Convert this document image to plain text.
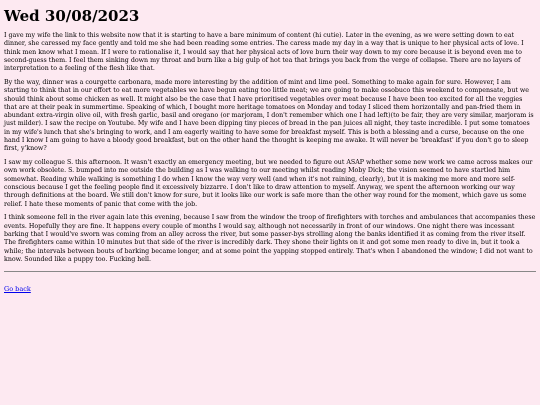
Wed 30/08/2023

I gave my wife the link to this website now that it is starting to have a bare minimum of content (hi cutie). Later in the evening, as we were setting down to eat dinner, she caressed my face gently and told me she had been reading some entries. The caress made my day in a way that is unique to her physical acts of love. I think men know what I mean. If I were to rationalise it, I would say that her physical acts of love burn their way down to my core because it is beyond even me to second-guess them. I feel them sinking down my throat and burn like a big gulp of hot tea that brings you back from the verge of collapse. There are no layers of interpretation to a feeling of the flesh like that.

By the way, dinner was a courgette carbonara, made more interesting by the addition of mint and lime peel. Something to make again for sure. However, I am starting to think that in our effort to eat more vegetables we have begun eating too little meat; we are going to make ossobuco this weekend to compensate, but we should think about some chicken as well. It might also be the case that I have prioritised vegetables over meat because I have been too excited for all the veggies that are at their peak in summertime. Speaking of which, I bought more heritage tomatoes on Monday and today I sliced them horizontally and pan-fried them in abundant extra-virgin olive oil, with fresh garlic, basil and oregano (or marjoram, I don't remember which one I had left)(to be fair, they are very similar, marjoram is just milder). I saw the recipe on Youtube. My wife and I have been dipping tiny pieces of bread in the pan juices all night, they taste incredible. I put some tomatoes in my wife's lunch that she's bringing to work, and I am eagerly waiting to have some for breakfast myself. This is both a blessing and a curse, because on the one hand I know I am going to have a bloody good breakfast, but on the other hand the thought is keeping me awake. It will never be 'breakfast' if you don't go to sleep first, y'know?

I saw my colleague S. this afternoon. It wasn't exactly an emergency meeting, but we needed to figure out ASAP whether some new work we came across makes our own work obsolete. S. bumped into me outside the building as I was walking to our meeting whilst reading Moby Dick; the vision seemed to have startled him somewhat. Reading while walking is something I do when I know the way very well (and when it's not raining, clearly), but it is making me more and more self-conscious because I get the feeling people find it excessively bizzarre. I don't like to draw attention to myself. Anyway, we spent the afternoon working our way through definitions at the board. We still don't know for sure, but it looks like our work is safe more than the other way round for the moment, which gave us some relief. I hate these moments of panic that come with the job.

I think someone fell in the river again late this evening, because I saw from the window the troop of firefighters with torches and ambulances that accompanies these events. Hopefully they are fine. It happens every couple of months I would say, although not necessarily in front of our windows. One night there was incessant barking that I would've sworn was coming from an alley across the river, but some passer-bys strolling along the banks identified it as coming from the river itself. The firefighters came within 10 minutes but that side of the river is incredibly dark. They shone their lights on it and got some men ready to dive in, but it took a while; the intervals between bouts of barking became longer, and at some point the yapping stopped entirely. That's when I abandoned the window; I did not want to know. Sounded like a puppy too. Fucking hell.

Go back
